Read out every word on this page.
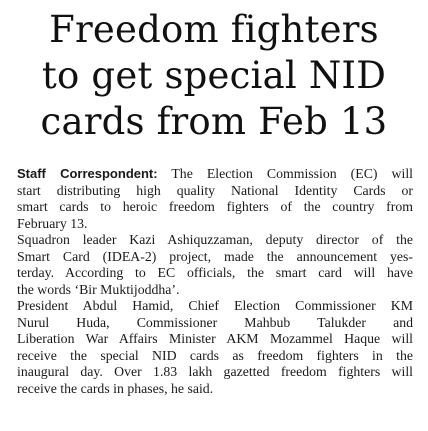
Freedom fighters
to get special NID
cards from Feb 13
Staff Correspondent: The Election Commission (EC) will
start distributing high quality National Identity Cards or
smart cards to heroic freedom fighters of the country from
February 13.
Squadron leader Kazi Ashiquzzaman, deputy director of the
Smart Card (IDEA-2) project, made the announcement yes-
terday. According to EC officials, the smart card will have
the words ‘Bir Muktijoddha’.
President Abdul Hamid, Chief Election Commissioner KM
Nurul Huda, Commissioner Mahbub Talukder and
Liberation War Affairs Minister AKM Mozammel Haque will
receive the special NID cards as freedom fighters in the
inaugural day. Over 1.83 lakh gazetted freedom fighters will
receive the cards in phases, he said.
